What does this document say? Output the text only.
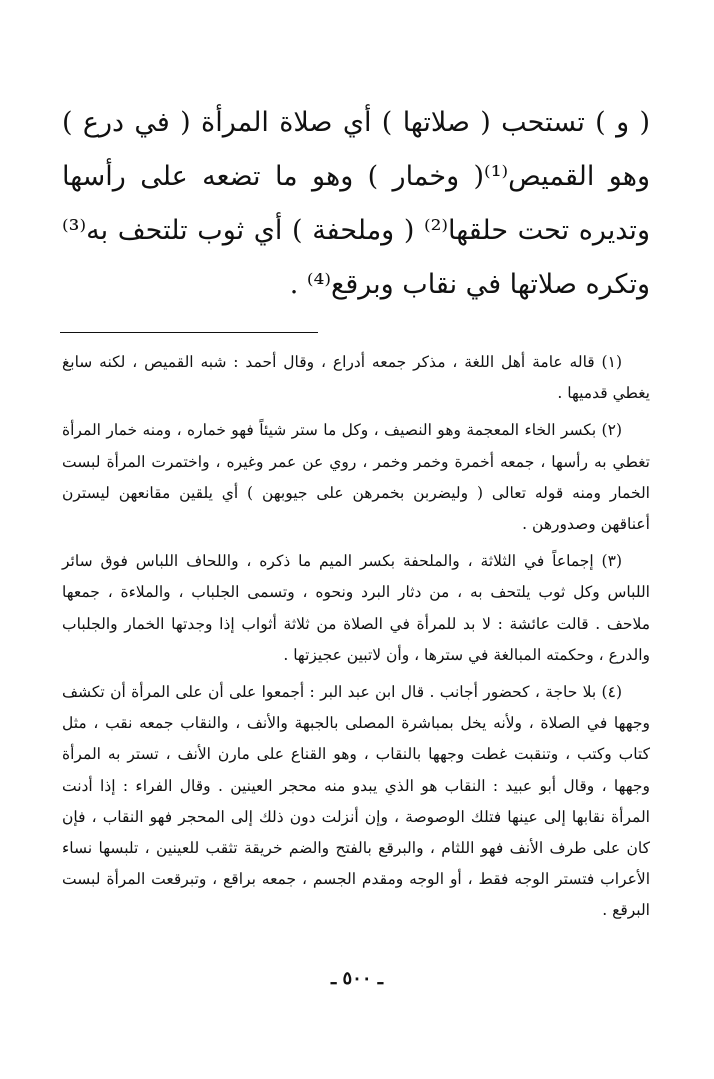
( و ) تستحب ( صلاتها ) أي صلاة المرأة ( في درع ) وهو القميص⁽¹⁾( وخمار ) وهو ما تضعه على رأسها وتديره تحت حلقها⁽²⁾ ( وملحفة ) أي ثوب تلتحف به⁽³⁾ وتكره صلاتها في نقاب وبرقع⁽⁴⁾ .

(١) قاله عامة أهل اللغة ، مذكر جمعه أدراع ، وقال أحمد : شبه القميص ، لكنه سابغ يغطي قدميها .

(٢) بكسر الخاء المعجمة وهو النصيف ، وكل ما ستر شيئاً فهو خماره ، ومنه خمار المرأة تغطي به رأسها ، جمعه أخمرة وخمر وخمر ، روي عن عمر وغيره ، واختمرت المرأة لبست الخمار ومنه قوله تعالى ( وليضربن بخمرهن على جيوبهن ) أي يلقين مقانعهن ليسترن أعناقهن وصدورهن .

(٣) إجماعاً في الثلاثة ، والملحفة بكسر الميم ما ذكره ، واللحاف اللباس فوق سائر اللباس وكل ثوب يلتحف به ، من دثار البرد ونحوه ، وتسمى الجلباب ، والملاءة ، جمعها ملاحف . قالت عائشة : لا بد للمرأة في الصلاة من ثلاثة أثواب إذا وجدتها الخمار والجلباب والدرع ، وحكمته المبالغة في سترها ، وأن لاتبين عجيزتها .

(٤) بلا حاجة ، كحضور أجانب . قال ابن عبد البر : أجمعوا على أن على المرأة أن تكشف وجهها في الصلاة ، ولأنه يخل بمباشرة المصلى بالجبهة والأنف ، والنقاب جمعه نقب ، مثل كتاب وكتب ، وتنقبت غطت وجهها بالنقاب ، وهو القناع على مارن الأنف ، تستر به المرأة وجهها ، وقال أبو عبيد : النقاب هو الذي يبدو منه محجر العينين . وقال الفراء : إذا أدنت المرأة نقابها إلى عينها فتلك الوصوصة ، وإن أنزلت دون ذلك إلى المحجر فهو النقاب ، فإن كان على طرف الأنف فهو اللثام ، والبرقع بالفتح والضم خريقة تثقب للعينين ، تلبسها نساء الأعراب فتستر الوجه فقط ، أو الوجه ومقدم الجسم ، جمعه براقع ، وتبرقعت المرأة لبست البرقع .

ـ ٥٠٠ ـ
